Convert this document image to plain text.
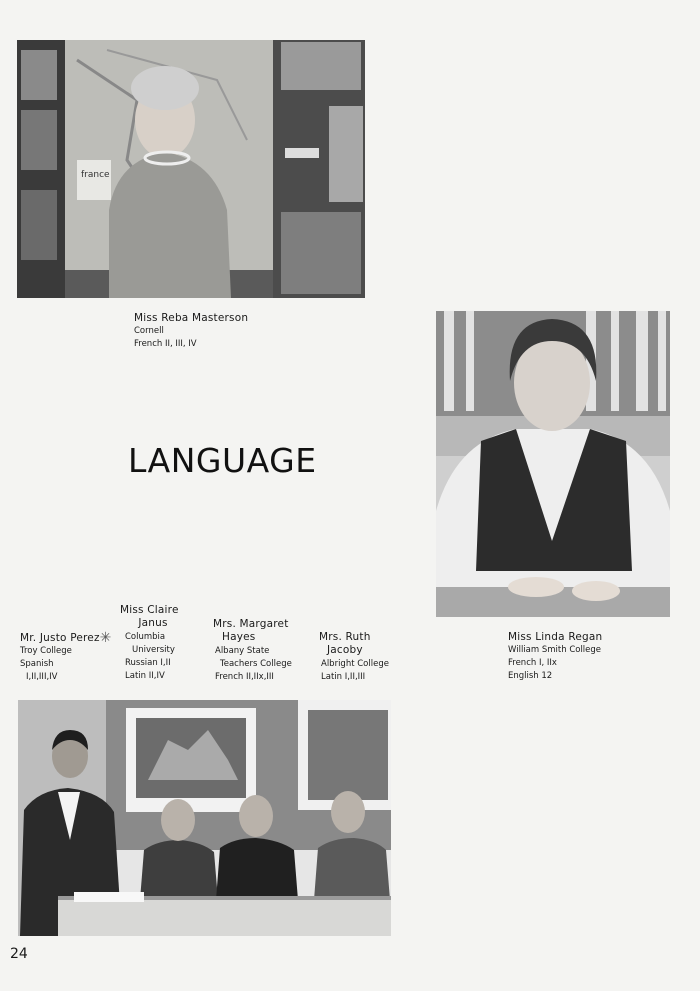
france
Miss Reba Masterson
Cornell
French II, III, IV
Miss Linda Regan
William Smith College
French I, IIx
English 12
LANGUAGE
Mr. Justo Perez✳
Troy College
Spanish
I,II,III,IV
Miss Claire
Janus
Columbia
University
Russian I,II
Latin II,IV
Mrs. Margaret
Hayes
Albany State
Teachers College
French II,IIx,III
Mrs. Ruth
Jacoby
Albright College
Latin I,II,III
24
